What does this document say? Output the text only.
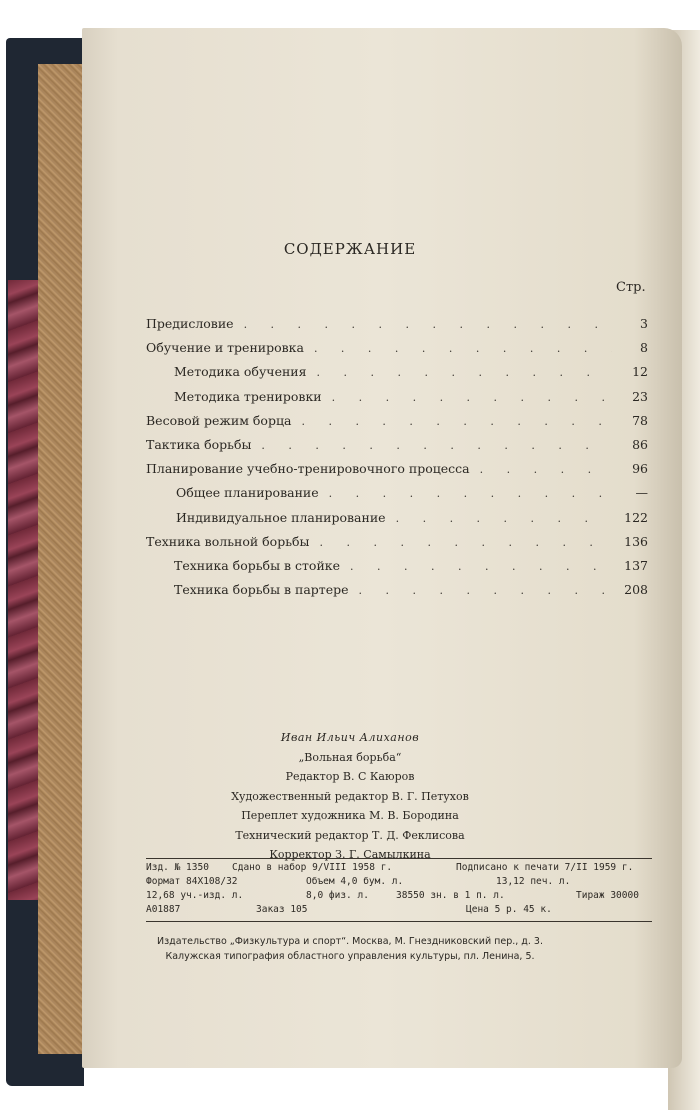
СОДЕРЖАНИЕ
Стр.
Предисловие . . .	3
Обучение и тренировка . . .	8
Методика обучения . . .	12
Методика тренировки . . .	23
Весовой режим борца . . .	78
Тактика борьбы . . .	86
Планирование учебно-тренировочного процесса . . .	96
Общее планирование . . .	—
Индивидуальное планирование . . .	122
Техника вольной борьбы . . .	136
Техника борьбы в стойке . . .	137
Техника борьбы в партере . . .	208
Иван Ильич Алиханов
„Вольная борьба“
Редактор В. С Каюров
Художественный редактор В. Г. Петухов
Переплет художника М. В. Бородина
Технический редактор Т. Д. Феклисова
Корректор З. Г. Самылкина
Изд. № 1350 Сдано в набор 9/VIII 1958 г.	Подписано к печати 7/II 1959 г.
Формат 84X108/32	Объем 4,0 бум. л.	13,12 печ. л.
12,68 уч.-изд. л.	8,0 физ. л.	38550 зн. в 1 п. л.	Тираж 30000
А01887	Заказ 105	Цена 5 р. 45 к.
Издательство „Физкультура и спорт“. Москва, М. Гнездниковский пер., д. 3.
Калужская типография областного управления культуры, пл. Ленина, 5.
